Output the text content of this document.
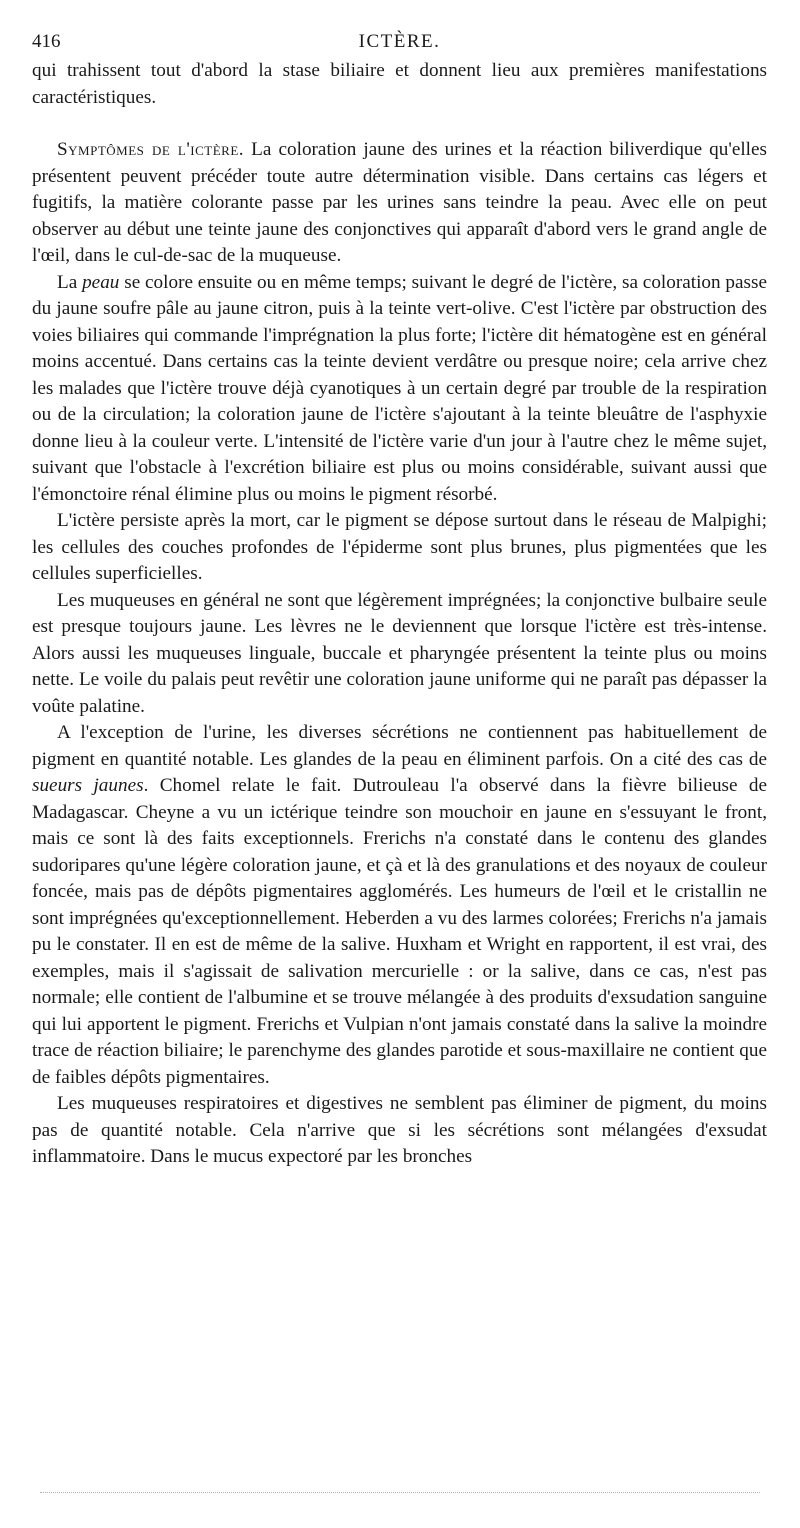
416	ICTÈRE.

qui trahissent tout d'abord la stase biliaire et donnent lieu aux premières manifestations caractéristiques.

Symptômes de l'ictère. La coloration jaune des urines et la réaction biliverdique qu'elles présentent peuvent précéder toute autre détermination visible. Dans certains cas légers et fugitifs, la matière colorante passe par les urines sans teindre la peau. Avec elle on peut observer au début une teinte jaune des conjonctives qui apparaît d'abord vers le grand angle de l'œil, dans le cul-de-sac de la muqueuse.

La peau se colore ensuite ou en même temps; suivant le degré de l'ictère, sa coloration passe du jaune soufre pâle au jaune citron, puis à la teinte vert-olive. C'est l'ictère par obstruction des voies biliaires qui commande l'imprégnation la plus forte; l'ictère dit hématogène est en général moins accentué. Dans certains cas la teinte devient verdâtre ou presque noire; cela arrive chez les malades que l'ictère trouve déjà cyanotiques à un certain degré par trouble de la respiration ou de la circulation; la coloration jaune de l'ictère s'ajoutant à la teinte bleuâtre de l'asphyxie donne lieu à la couleur verte. L'intensité de l'ictère varie d'un jour à l'autre chez le même sujet, suivant que l'obstacle à l'excrétion biliaire est plus ou moins considérable, suivant aussi que l'émonctoire rénal élimine plus ou moins le pigment résorbé.

L'ictère persiste après la mort, car le pigment se dépose surtout dans le réseau de Malpighi; les cellules des couches profondes de l'épiderme sont plus brunes, plus pigmentées que les cellules superficielles.

Les muqueuses en général ne sont que légèrement imprégnées; la conjonctive bulbaire seule est presque toujours jaune. Les lèvres ne le deviennent que lorsque l'ictère est très-intense. Alors aussi les muqueuses linguale, buccale et pharyngée présentent la teinte plus ou moins nette. Le voile du palais peut revêtir une coloration jaune uniforme qui ne paraît pas dépasser la voûte palatine.

A l'exception de l'urine, les diverses sécrétions ne contiennent pas habituellement de pigment en quantité notable. Les glandes de la peau en éliminent parfois. On a cité des cas de sueurs jaunes. Chomel relate le fait. Dutrouleau l'a observé dans la fièvre bilieuse de Madagascar. Cheyne a vu un ictérique teindre son mouchoir en jaune en s'essuyant le front, mais ce sont là des faits exceptionnels. Frerichs n'a constaté dans le contenu des glandes sudoripares qu'une légère coloration jaune, et çà et là des granulations et des noyaux de couleur foncée, mais pas de dépôts pigmentaires agglomérés. Les humeurs de l'œil et le cristallin ne sont imprégnées qu'exceptionnellement. Heberden a vu des larmes colorées; Frerichs n'a jamais pu le constater. Il en est de même de la salive. Huxham et Wright en rapportent, il est vrai, des exemples, mais il s'agissait de salivation mercurielle : or la salive, dans ce cas, n'est pas normale; elle contient de l'albumine et se trouve mélangée à des produits d'exsudation sanguine qui lui apportent le pigment. Frerichs et Vulpian n'ont jamais constaté dans la salive la moindre trace de réaction biliaire; le parenchyme des glandes parotide et sous-maxillaire ne contient que de faibles dépôts pigmentaires.

Les muqueuses respiratoires et digestives ne semblent pas éliminer de pigment, du moins pas de quantité notable. Cela n'arrive que si les sécrétions sont mélangées d'exsudat inflammatoire. Dans le mucus expectoré par les bronches
